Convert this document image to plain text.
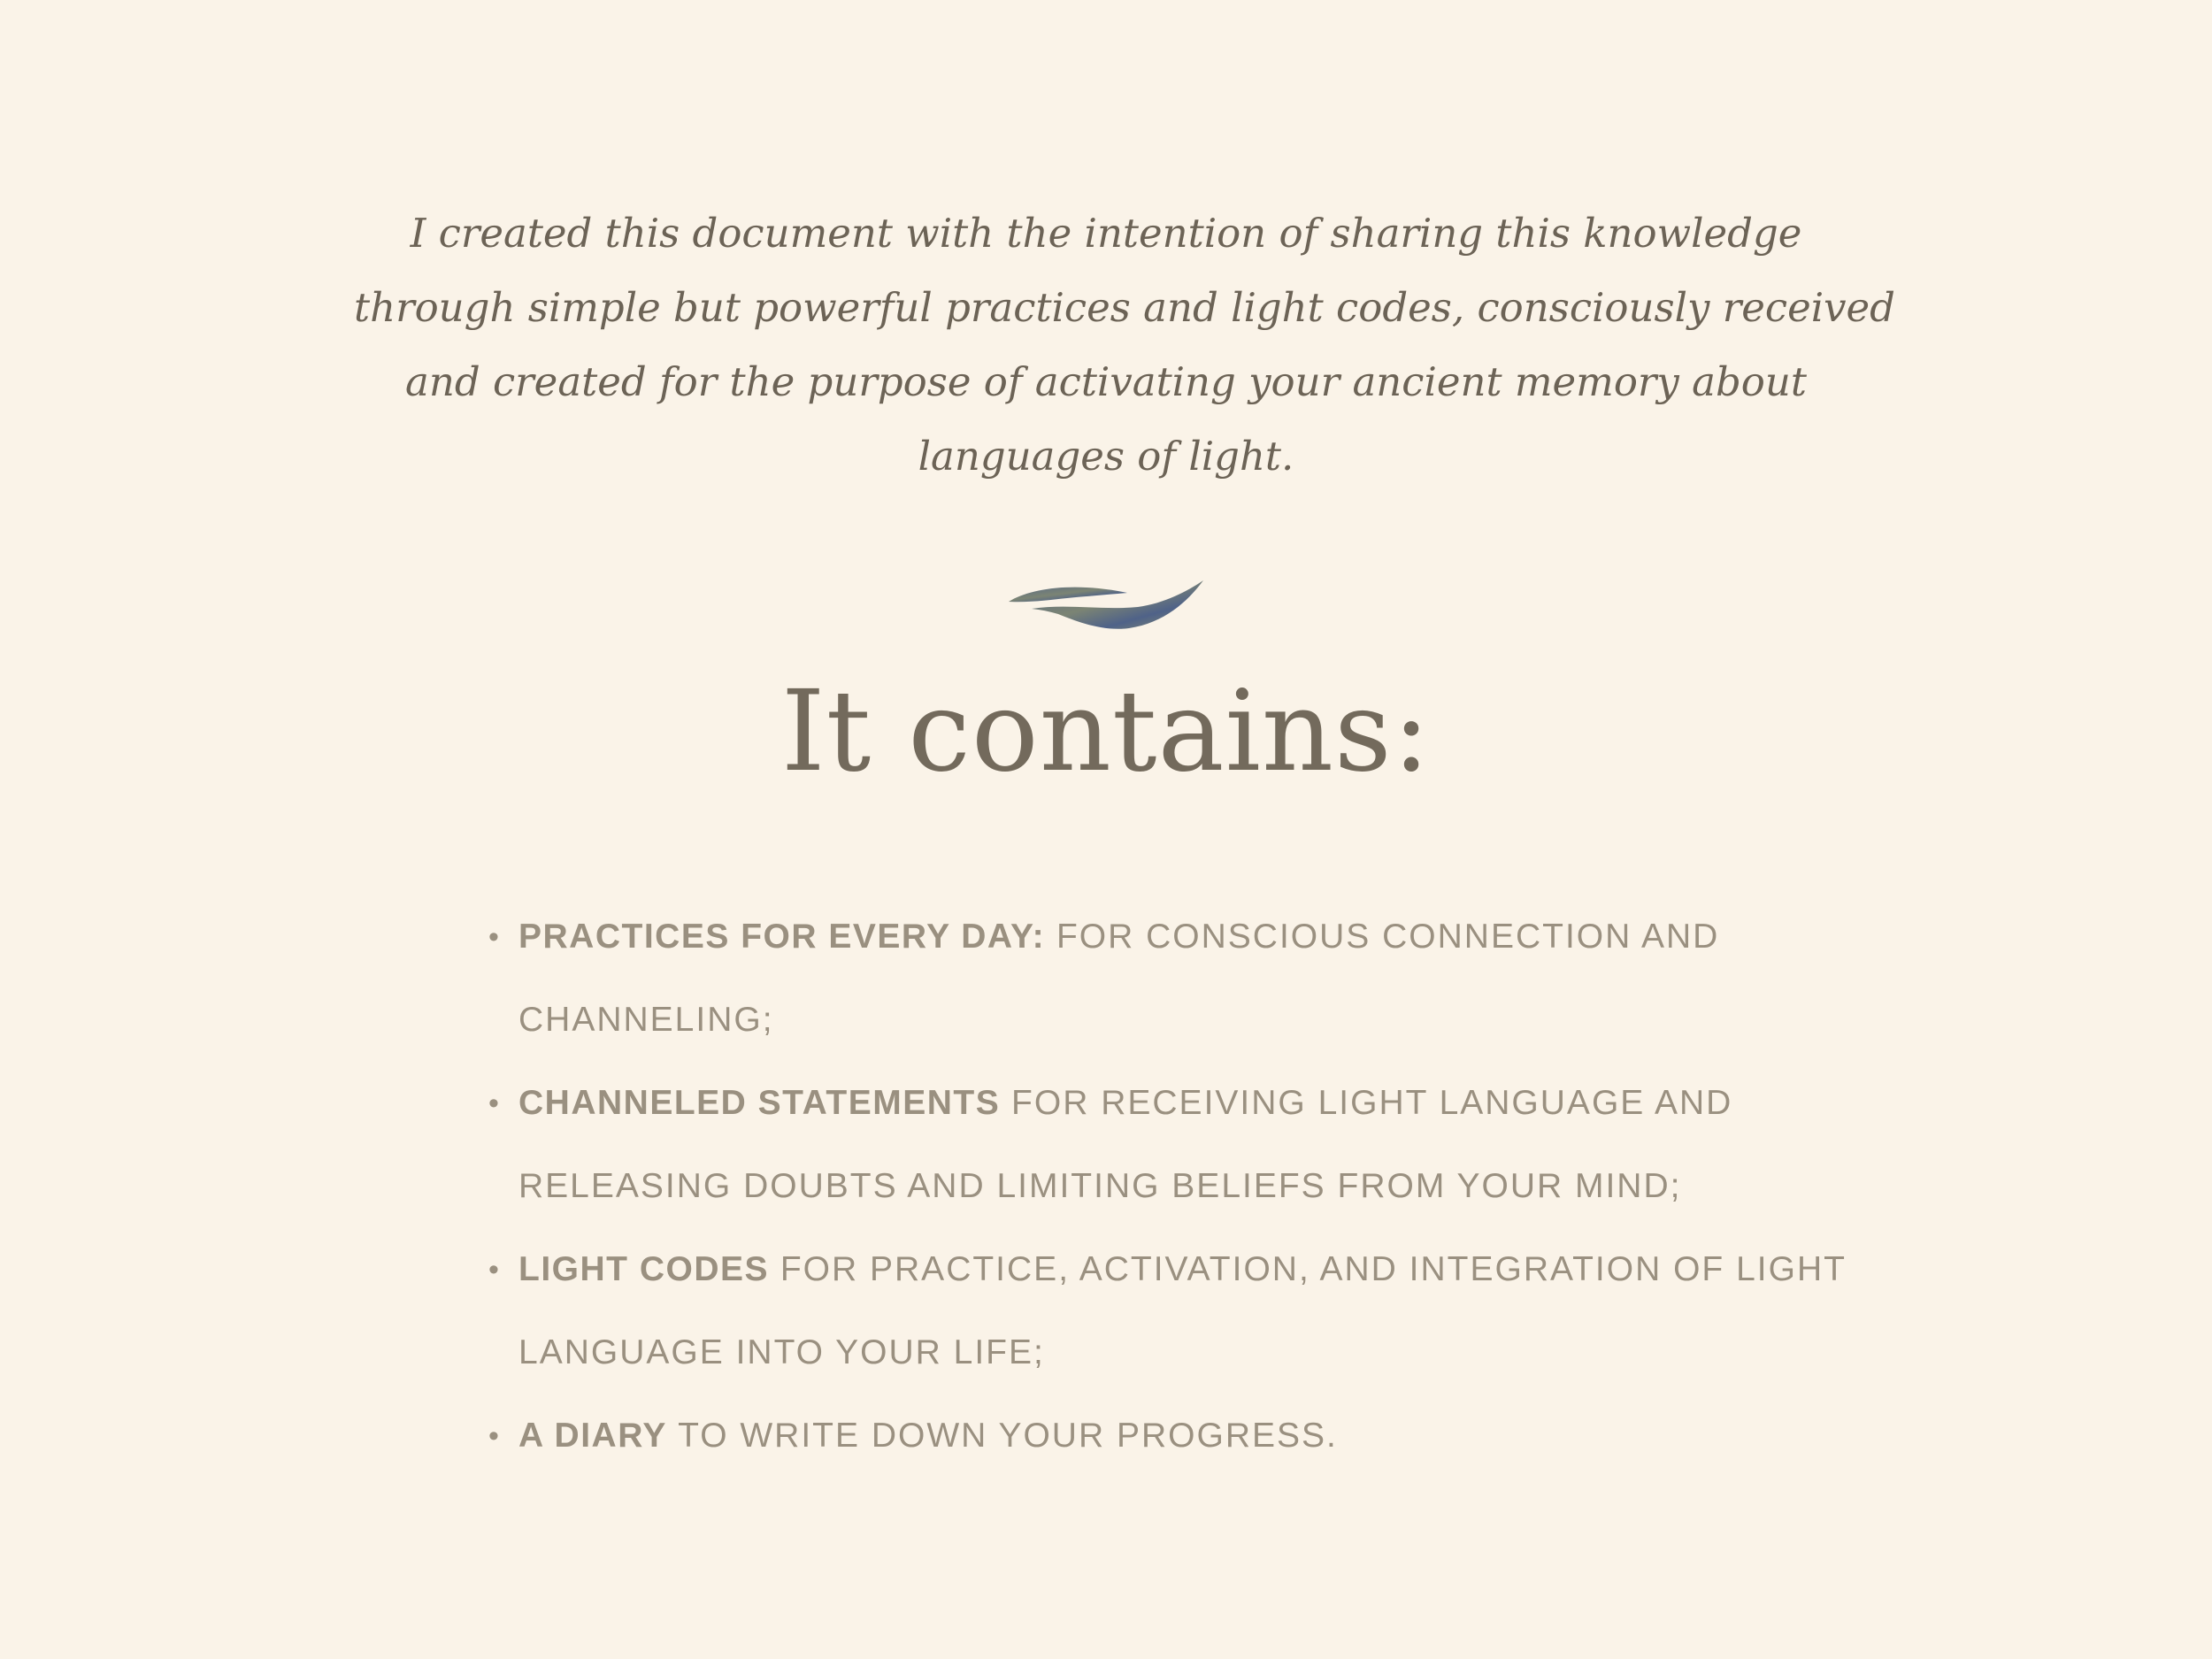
I created this document with the intention of sharing this knowledge
through simple but powerful practices and light codes, consciously received
and created for the purpose of activating your ancient memory about
languages of light.

It contains:
• PRACTICES FOR EVERY DAY: FOR CONSCIOUS CONNECTION AND
CHANNELING;
• CHANNELED STATEMENTS FOR RECEIVING LIGHT LANGUAGE AND
RELEASING DOUBTS AND LIMITING BELIEFS FROM YOUR MIND;
• LIGHT CODES FOR PRACTICE, ACTIVATION, AND INTEGRATION OF LIGHT
LANGUAGE INTO YOUR LIFE;
• A DIARY TO WRITE DOWN YOUR PROGRESS.
